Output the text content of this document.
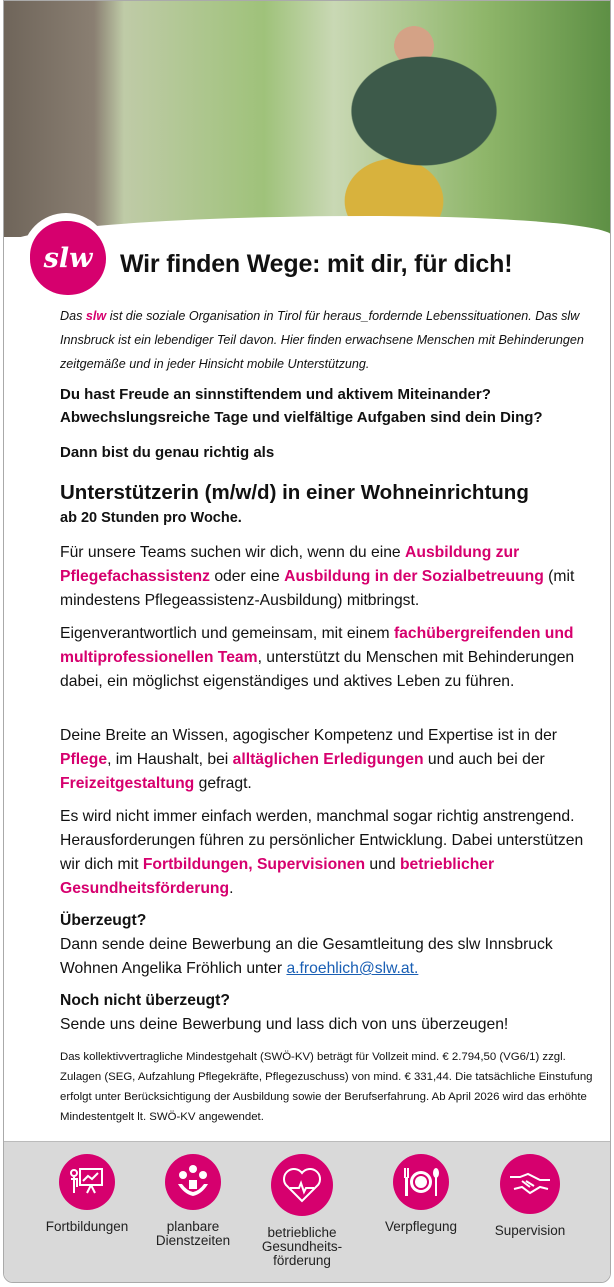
slw	Wir finden Wege: mit dir, für dich!
Das slw ist die soziale Organisation in Tirol für heraus_fordernde Lebenssituationen. Das slw Innsbruck ist ein lebendiger Teil davon. Hier finden erwachsene Menschen mit Behinderungen zeitgemäße und in jeder Hinsicht mobile Unterstützung.
Du hast Freude an sinnstiftendem und aktivem Miteinander? Abwechslungsreiche Tage und vielfältige Aufgaben sind dein Ding?
Dann bist du genau richtig als
Unterstützerin (m/w/d) in einer Wohneinrichtung
ab 20 Stunden pro Woche.
Für unsere Teams suchen wir dich, wenn du eine Ausbildung zur Pflegefachassistenz oder eine Ausbildung in der Sozialbetreuung (mit mindestens Pflegeassistenz-Ausbildung) mitbringst.
Eigenverantwortlich und gemeinsam, mit einem fachübergreifenden und multiprofessionellen Team, unterstützt du Menschen mit Behinderungen dabei, ein möglichst eigenständiges und aktives Leben zu führen.
Deine Breite an Wissen, agogischer Kompetenz und Expertise ist in der Pflege, im Haushalt, bei alltäglichen Erledigungen und auch bei der Freizeitgestaltung gefragt.
Es wird nicht immer einfach werden, manchmal sogar richtig anstrengend. Herausforderungen führen zu persönlicher Entwicklung. Dabei unterstützen wir dich mit Fortbildungen, Supervisionen und betrieblicher Gesundheitsförderung.
Überzeugt?
Dann sende deine Bewerbung an die Gesamtleitung des slw Innsbruck Wohnen Angelika Fröhlich unter a.froehlich@slw.at.
Noch nicht überzeugt?
Sende uns deine Bewerbung und lass dich von uns überzeugen!
Das kollektivvertragliche Mindestgehalt (SWÖ-KV) beträgt für Vollzeit mind. € 2.794,50 (VG6/1) zzgl. Zulagen (SEG, Aufzahlung Pflegekräfte, Pflegezuschuss) von mind. € 331,44. Die tatsächliche Einstufung erfolgt unter Berücksichtigung der Ausbildung sowie der Berufserfahrung. Ab April 2026 wird das erhöhte Mindestentgelt lt. SWÖ-KV angewendet.
Fortbildungen	planbare Dienstzeiten
betriebliche Gesundheits-förderung
Verpflegung	Supervision
